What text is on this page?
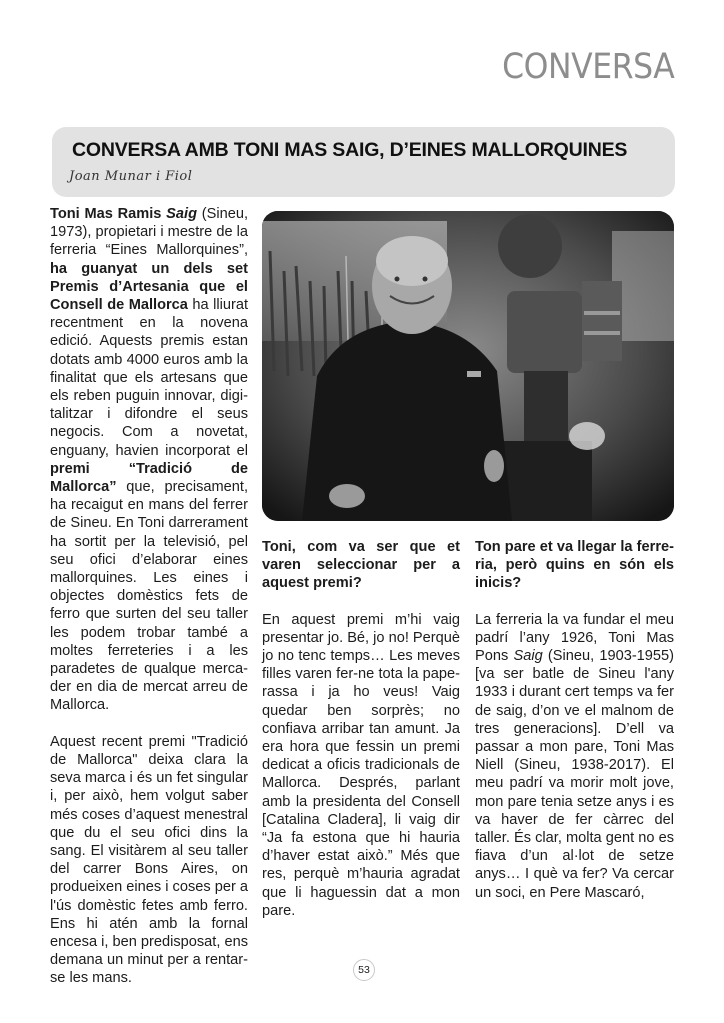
CONVERSA
CONVERSA AMB TONI MAS SAIG, D’EINES MALLORQUINES
Joan Munar i Fiol

Toni Mas Ramis Saig (Sineu, 1973), propietari i mestre de la ferreria “Eines Mallorquines”, ha guanyat un dels set Premis d’Artesania que el Consell de Mallorca ha lliurat recentment en la novena edició. Aquests premis estan dotats amb 4000 euros amb la finalitat que els artesans que els reben puguin innovar, digitalitzar i difondre el seus negocis. Com a novetat, enguany, havien incorporat el premi “Tradició de Mallorca” que, precisament, ha recaigut en mans del ferrer de Sineu. En Toni darrerament ha sortit per la televisió, pel seu ofici d’elaborar eines mallorquines. Les eines i objectes domèstics fets de ferro que surten del seu taller les podem trobar també a moltes ferreteries i a les paradetes de qualque mercader en dia de mercat arreu de Mallorca.

Aquest recent premi "Tradició de Mallorca" deixa clara la seva marca i és un fet singular i, per això, hem volgut saber més coses d’aquest menestral que du el seu ofici dins la sang. El visitàrem al seu taller del carrer Bons Aires, on produeixen eines i coses per a l'ús domèstic fetes amb ferro. Ens hi atén amb la fornal encesa i, ben predisposat, ens demana un minut per a rentar-se les mans.

Toni, com va ser que et varen seleccionar per a aquest premi?

En aquest premi m’hi vaig presentar jo. Bé, jo no! Perquè jo no tenc temps… Les meves filles varen fer-ne tota la paperassa i ja ho veus! Vaig quedar ben sorprès; no confiava arribar tan amunt. Ja era hora que fessin un premi dedicat a oficis tradicionals de Mallorca. Després, parlant amb la presidenta del Consell [Catalina Cladera], li vaig dir “Ja fa estona que hi hauria d’haver estat això.” Més que res, perquè m’hauria agradat que li haguessin dat a mon pare.

Ton pare et va llegar la ferreria, però quins en són els inicis?

La ferreria la va fundar el meu padrí l’any 1926, Toni Mas Pons Saig (Sineu, 1903-1955) [va ser batle de Sineu l'any 1933 i durant cert temps va fer de saig, d’on ve el malnom de tres generacions]. D’ell va passar a mon pare, Toni Mas Niell (Sineu, 1938-2017). El meu padrí va morir molt jove, mon pare tenia setze anys i es va haver de fer càrrec del taller. És clar, molta gent no es fiava d’un al·lot de setze anys… I què va fer? Va cercar un soci, en Pere Mascaró,

53
